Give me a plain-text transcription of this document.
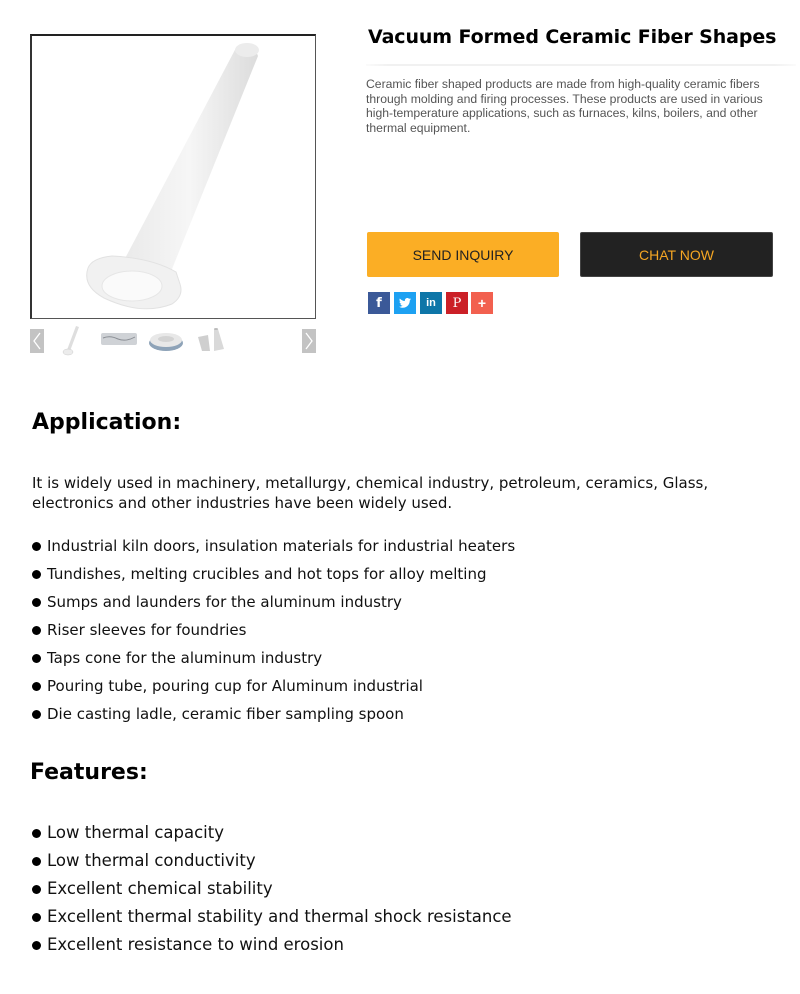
Vacuum Formed Ceramic Fiber Shapes

Ceramic fiber shaped products are made from high-quality ceramic fibers through molding and firing processes. These products are used in various high-temperature applications, such as furnaces, kilns, boilers, and other thermal equipment.

SEND INQUIRY	CHAT NOW
f	in P +
Application:

It is widely used in machinery, metallurgy, chemical industry, petroleum, ceramics, Glass, electronics and other industries have been widely used.

Industrial kiln doors, insulation materials for industrial heaters
Tundishes, melting crucibles and hot tops for alloy melting
Sumps and launders for the aluminum industry
Riser sleeves for foundries
Taps cone for the aluminum industry
Pouring tube, pouring cup for Aluminum industrial
Die casting ladle, ceramic fiber sampling spoon
Features:
Low thermal capacity
Low thermal conductivity
Excellent chemical stability
Excellent thermal stability and thermal shock resistance
Excellent resistance to wind erosion
